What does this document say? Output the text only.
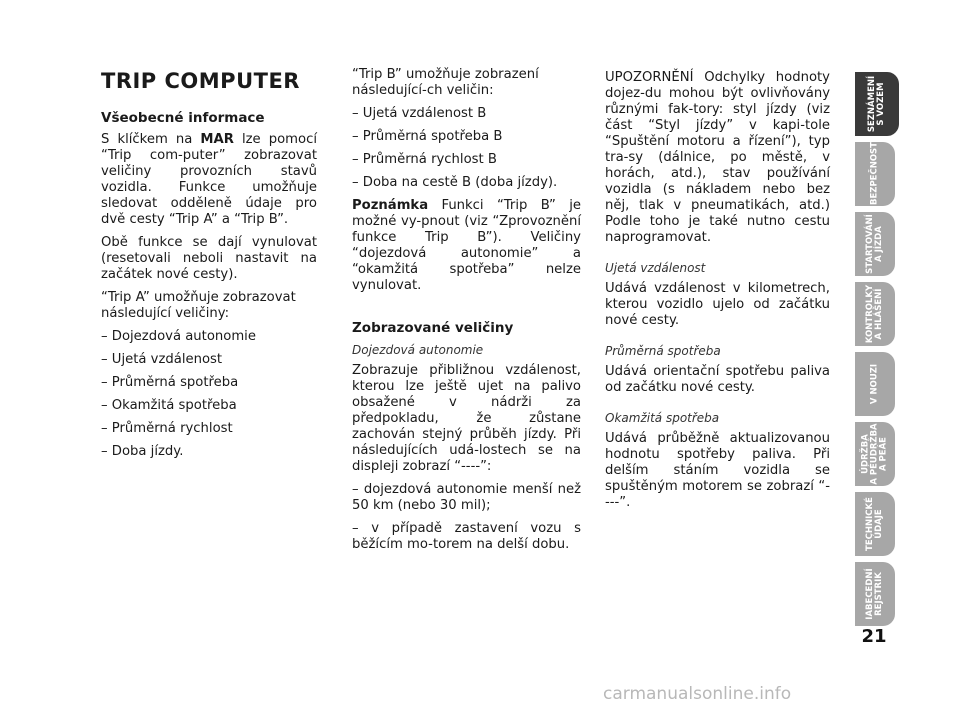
TRIP COMPUTER

Všeobecné informace

S klíčkem na MAR lze pomocí “Trip com-puter” zobrazovat veličiny provozních stavů vozidla. Funkce umožňuje sledovat odděleně údaje pro dvě cesty “Trip A” a “Trip B”.

Obě funkce se dají vynulovat (resetovali neboli nastavit na začátek nové cesty).

“Trip A” umožňuje zobrazovat následující veličiny:

– Dojezdová autonomie

– Ujetá vzdálenost

– Průměrná spotřeba

– Okamžitá spotřeba

– Průměrná rychlost

– Doba jízdy.

“Trip B” umožňuje zobrazení následující-ch veličin:

– Ujetá vzdálenost B

– Průměrná spotřeba B

– Průměrná rychlost B

– Doba na cestě B (doba jízdy).

Poznámka Funkci “Trip B” je možné vy-pnout (viz “Zprovoznění funkce Trip B”). Veličiny “dojezdová autonomie” a “okamžitá spotřeba” nelze vynulovat.

Zobrazované veličiny

Dojezdová autonomie

Zobrazuje přibližnou vzdálenost, kterou lze ještě ujet na palivo obsažené v nádrži za předpokladu, že zůstane zachován stejný průběh jízdy. Při následujících udá-lostech se na displeji zobrazí “----”:

– dojezdová autonomie menší než 50 km (nebo 30 mil);

– v případě zastavení vozu s běžícím mo-torem na delší dobu.

UPOZORNĚNÍ Odchylky hodnoty dojez-du mohou být ovlivňovány různými fak-tory: styl jízdy (viz část “Styl jízdy” v kapi-tole “Spuštění motoru a řízení”), typ tra-sy (dálnice, po městě, v horách, atd.), stav používání vozidla (s nákladem nebo bez něj, tlak v pneumatikách, atd.) Podle toho je také nutno cestu naprogramovat.

Ujetá vzdálenost

Udává vzdálenost v kilometrech, kterou vozidlo ujelo od začátku nové cesty.

Průměrná spotřeba

Udává orientační spotřebu paliva od začátku nové cesty.

Okamžitá spotřeba

Udává průběžně aktualizovanou hodnotu spotřeby paliva. Při delším stáním vozidla se spuštěným motorem se zobrazí “----”.

SEZNÁMENÍ
S VOZEM
BEZPEČNOST
STARTOVÁNÍ
A JÍZDA
KONTROLKY
A HLÁŠENÍ
V NOUZI
ÚDRŽBA
A PÉUDRŽBA
A PEÁE
TECHNICKÉ
ÚDAJE
IABECEDNÍ
REJSTRIK
21
carmanualsonline.info
